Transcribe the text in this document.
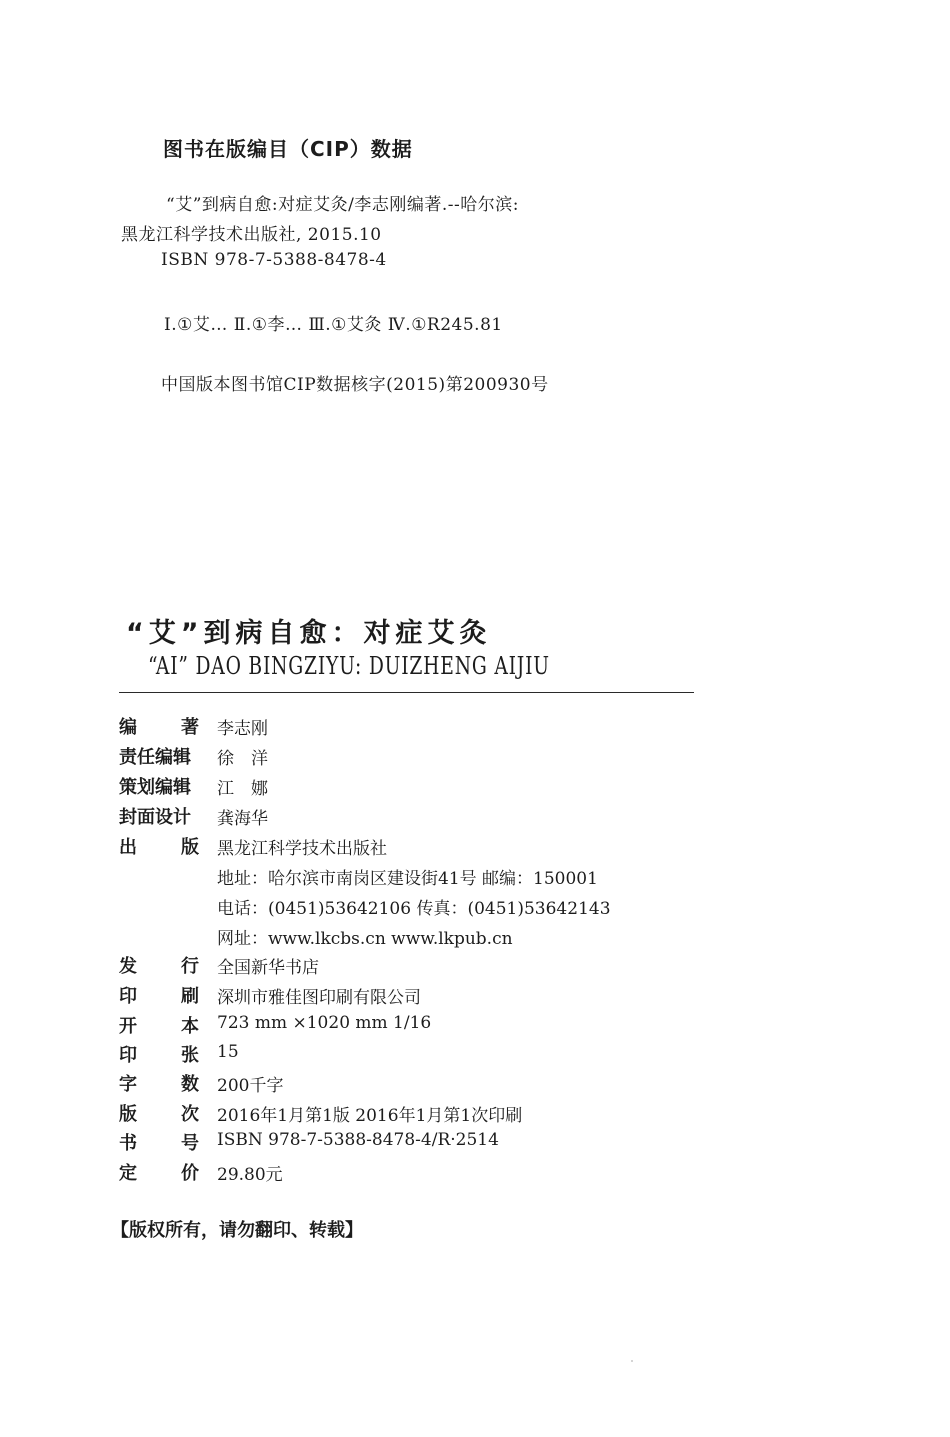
图书在版编目（CIP）数据
“艾”到病自愈:对症艾灸/李志刚编著.--哈尔滨:
黑龙江科学技术出版社, 2015.10
ISBN 978-7-5388-8478-4
Ⅰ.①艾… Ⅱ.①李… Ⅲ.①艾灸 Ⅳ.①R245.81
中国版本图书馆CIP数据核字(2015)第200930号
“艾”到病自愈：对症艾灸
“AI” DAO BINGZIYU: DUIZHENG AIJIU
编 著 李志刚
责任编辑	徐　洋
策划编辑	江　娜
封面设计	龚海华
出 版 黑龙江科学技术出版社
地址：哈尔滨市南岗区建设街41号 邮编：150001
电话：(0451)53642106 传真：(0451)53642143
网址：www.lkcbs.cn www.lkpub.cn
发 行 全国新华书店
印 刷 深圳市雅佳图印刷有限公司
开 本 723 mm ×1020 mm 1/16
印 张 15
字 数 200千字
版 次 2016年1月第1版 2016年1月第1次印刷
书 号 ISBN 978-7-5388-8478-4/R·2514
定 价 29.80元
【版权所有，请勿翻印、转载】
